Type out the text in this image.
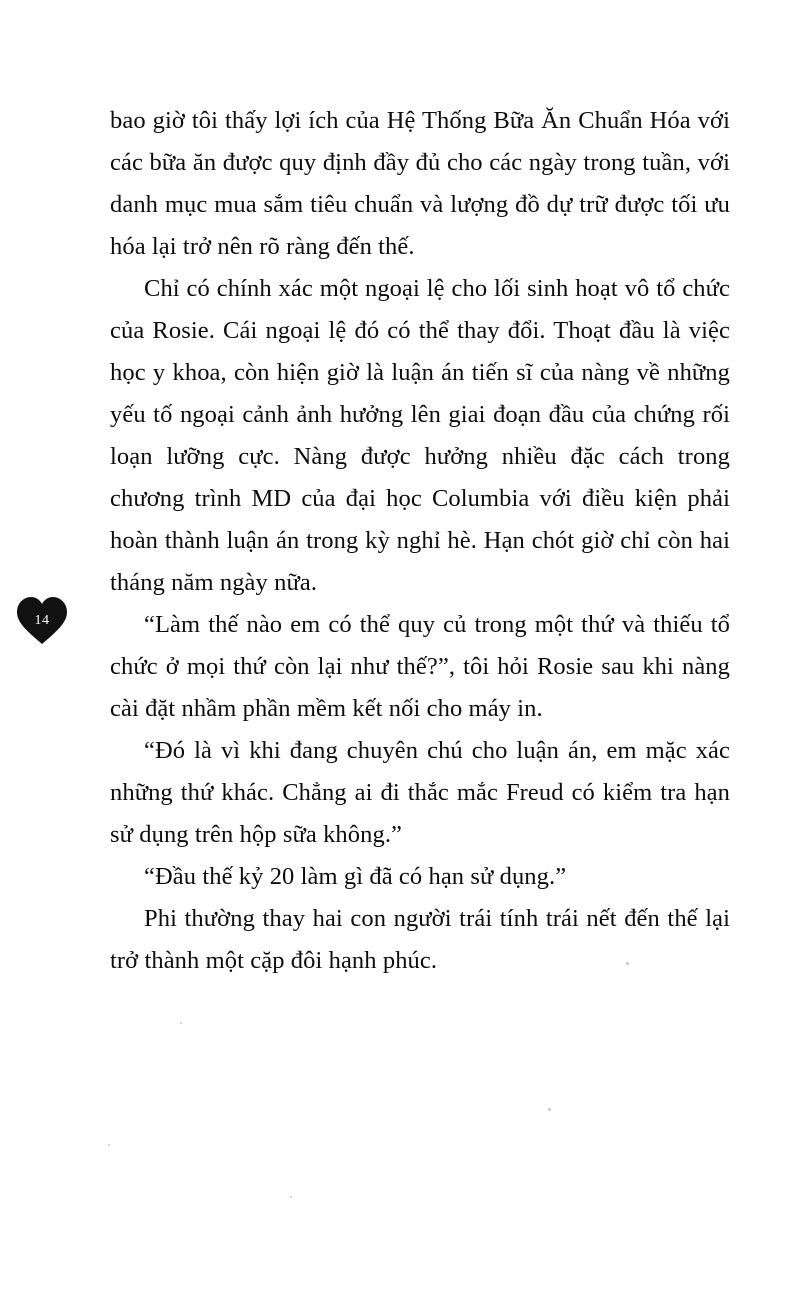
14

bao giờ tôi thấy lợi ích của Hệ Thống Bữa Ăn Chuẩn Hóa với các bữa ăn được quy định đầy đủ cho các ngày trong tuần, với danh mục mua sắm tiêu chuẩn và lượng đồ dự trữ được tối ưu hóa lại trở nên rõ ràng đến thế.

Chỉ có chính xác một ngoại lệ cho lối sinh hoạt vô tổ chức của Rosie. Cái ngoại lệ đó có thể thay đổi. Thoạt đầu là việc học y khoa, còn hiện giờ là luận án tiến sĩ của nàng về những yếu tố ngoại cảnh ảnh hưởng lên giai đoạn đầu của chứng rối loạn lưỡng cực. Nàng được hưởng nhiều đặc cách trong chương trình MD của đại học Columbia với điều kiện phải hoàn thành luận án trong kỳ nghỉ hè. Hạn chót giờ chỉ còn hai tháng năm ngày nữa.

“Làm thế nào em có thể quy củ trong một thứ và thiếu tổ chức ở mọi thứ còn lại như thế?”, tôi hỏi Rosie sau khi nàng cài đặt nhầm phần mềm kết nối cho máy in.

“Đó là vì khi đang chuyên chú cho luận án, em mặc xác những thứ khác. Chẳng ai đi thắc mắc Freud có kiểm tra hạn sử dụng trên hộp sữa không.”

“Đầu thế kỷ 20 làm gì đã có hạn sử dụng.”

Phi thường thay hai con người trái tính trái nết đến thế lại trở thành một cặp đôi hạnh phúc.
